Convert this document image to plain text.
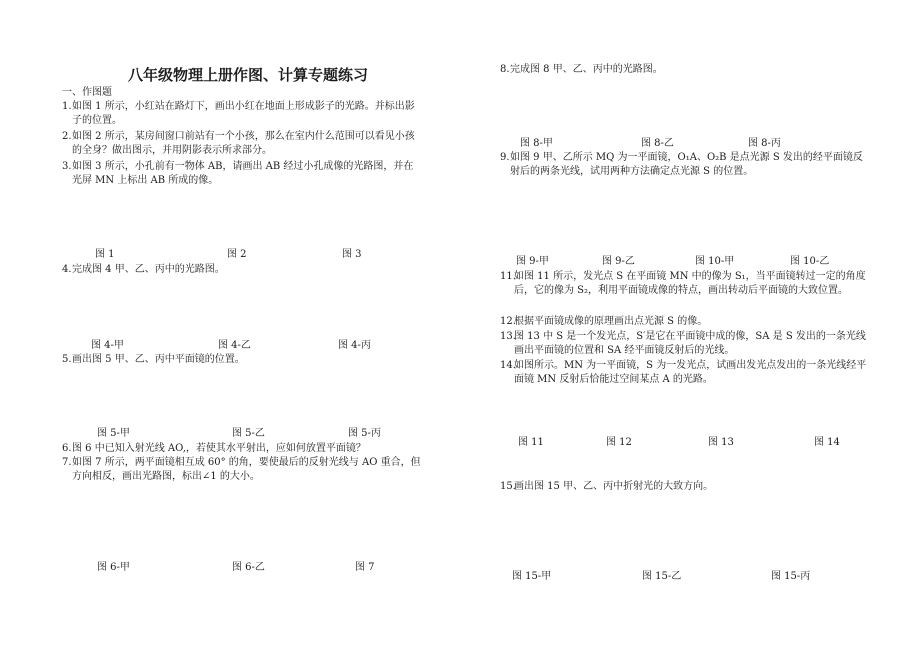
八年级物理上册作图、计算专题练习
一、作图题
1. 如图 1 所示，小红站在路灯下，画出小红在地面上形成影子的光路。并标出影子的位置。
2. 如图 2 所示，某房间窗口前站有一个小孩，那么在室内什么范围可以看见小孩的全身？做出图示，并用阴影表示所求部分。
3. 如图 3 所示，小孔前有一物体 AB，请画出 AB 经过小孔成像的光路图，并在光屏 MN 上标出 AB 所成的像。
图 1	图 2	图 3
4. 完成图 4 甲、乙、丙中的光路图。
图 4-甲	图 4-乙	图 4-丙
5. 画出图 5 甲、乙、丙中平面镜的位置。
图 5-甲	图 5-乙	图 5-丙
6. 图 6 中已知入射光线 AO,，若使其水平射出，应如何放置平面镜？
7. 如图 7 所示，两平面镜相互成 60° 的角，要使最后的反射光线与 AO 重合，但方向相反，画出光路图，标出∠1 的大小。
图 6-甲	图 6-乙	图 7
8. 完成图 8 甲、乙、丙中的光路图。
图 8-甲	图 8-乙	图 8-丙
9. 如图 9 甲、乙所示 MQ 为一平面镜，O₁A、O₂B 是点光源 S 发出的经平面镜反射后的两条光线，试用两种方法确定点光源 S 的位置。
图 9-甲	图 9-乙	图 10-甲	图 10-乙
11.
如图 11 所示，发光点 S 在平面镜 MN 中的像为 S₁，当平面镜转过一定的角度后，它的像为 S₂，利用平面镜成像的特点，画出转动后平面镜的大致位置。
12.
根据平面镜成像的原理画出点光源 S 的像。
13.
图 13 中 S 是一个发光点，S′是它在平面镜中成的像，SA 是 S 发出的一条光线画出平面镜的位置和 SA 经平面镜反射后的光线。
14.
如图所示。MN 为一平面镜，S 为一发光点，试画出发光点发出的一条光线经平面镜 MN 反射后恰能过空间某点 A 的光路。
图 11	图 12	图 13	图 14
15.
画出图 15 甲、乙、丙中折射光的大致方向。
图 15-甲	图 15-乙	图 15-丙
